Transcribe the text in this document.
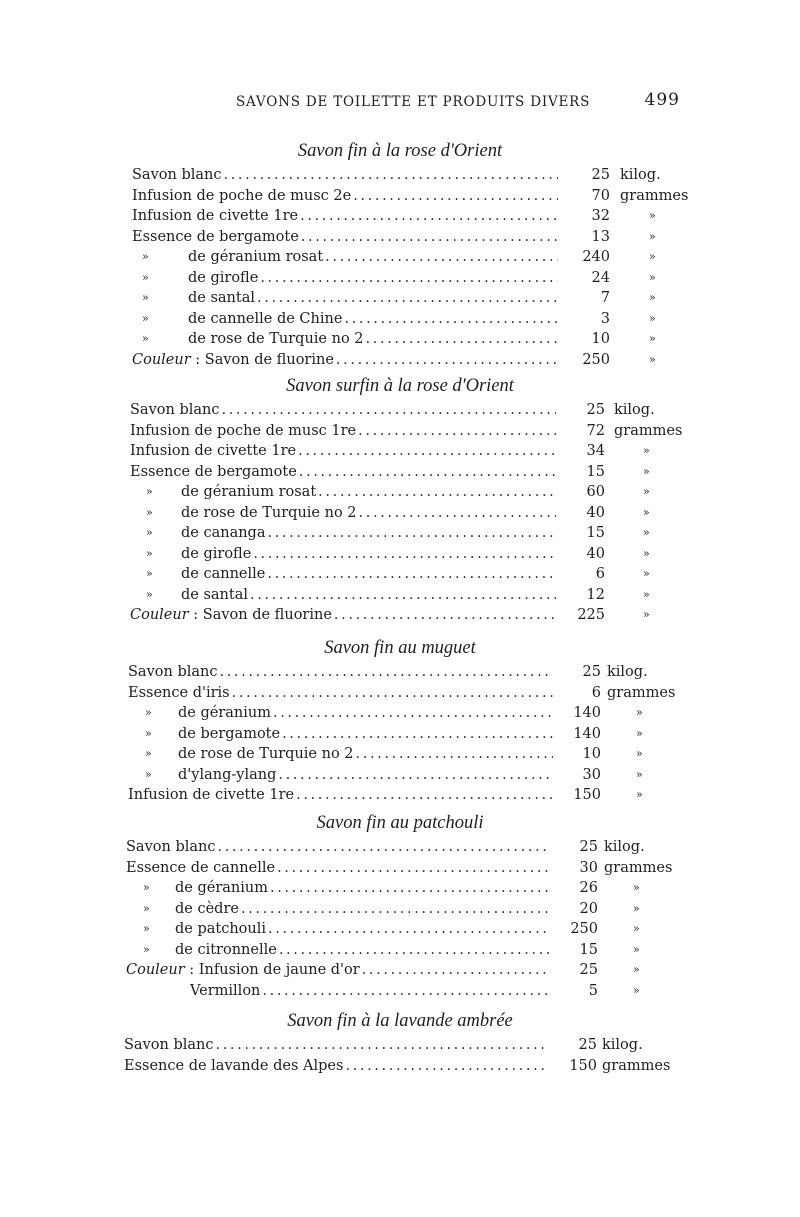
SAVONS DE TOILETTE ET PRODUITS DIVERS	499
Savon fin à la rose d'Orient
Savon blanc . . .	25 kilog.
Infusion de poche de musc 2e . . .	70 grammes
Infusion de civette 1re . . .	32	»
Essence de bergamote . . .	13	»
»	de géranium rosat . . .	240	»
»	de girofle . . .	24	»
»	de santal . . .	7	»
»	de cannelle de Chine . . .	3	»
»	de rose de Turquie no 2 . . .	10	»
Couleur : Savon de fluorine . . .	250	»
Savon surfin à la rose d'Orient
Savon blanc . . .	25 kilog.
Infusion de poche de musc 1re . . .	72 grammes
Infusion de civette 1re . . .	34	»
Essence de bergamote . . .	15	»
» de géranium rosat . . .	60	»
» de rose de Turquie no 2 . . .	40	»
» de cananga . . .	15	»
» de girofle . . .	40	»
» de cannelle . . .	6	»
» de santal . . .	12	»
Couleur : Savon de fluorine . . .	225	»
Savon fin au muguet
Savon blanc . . .	25 kilog.
Essence d'iris . . .	6 grammes
» de géranium . . .	140	»
» de bergamote . . .	140	»
» de rose de Turquie no 2 . . .	10	»
» d'ylang-ylang . . .	30	»
Infusion de civette 1re . . .	150	»
Savon fin au patchouli
Savon blanc . . .	25 kilog.
Essence de cannelle . . .	30 grammes
» de géranium . . .	26	»
» de cèdre . . .	20	»
» de patchouli . . .	250	»
» de citronnelle . . .	15	»
Couleur : Infusion de jaune d'or . . .	25	»
Vermillon . . .	5	»
Savon fin à la lavande ambrée
Savon blanc . . .	25 kilog.
Essence de lavande des Alpes . . .	150 grammes
